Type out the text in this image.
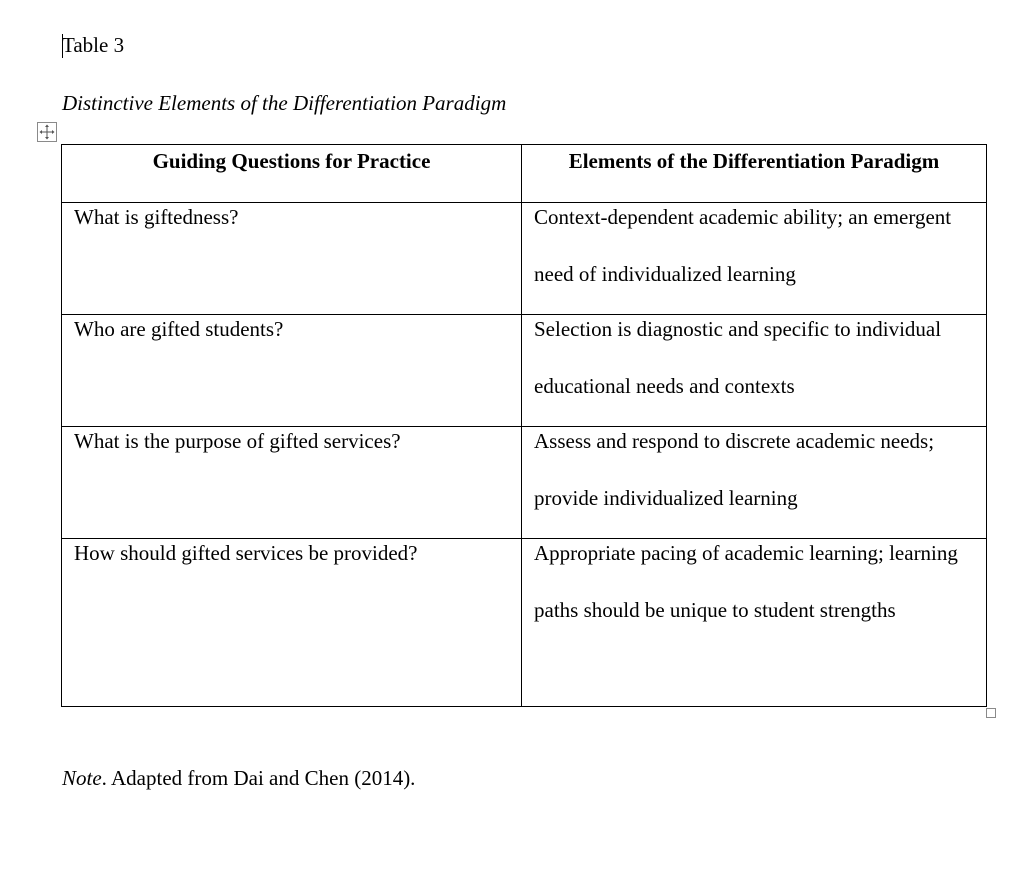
Table 3
Distinctive Elements of the Differentiation Paradigm
Guiding Questions for Practice	Elements of the Differentiation Paradigm

What is giftedness?	Context-dependent academic ability; an emergent need of individualized learning

Who are gifted students?	Selection is diagnostic and specific to individual educational needs and contexts

What is the purpose of gifted services?	Assess and respond to discrete academic needs; provide individualized learning

How should gifted services be provided?	Appropriate pacing of academic learning; learning paths should be unique to student strengths
Note. Adapted from Dai and Chen (2014).
